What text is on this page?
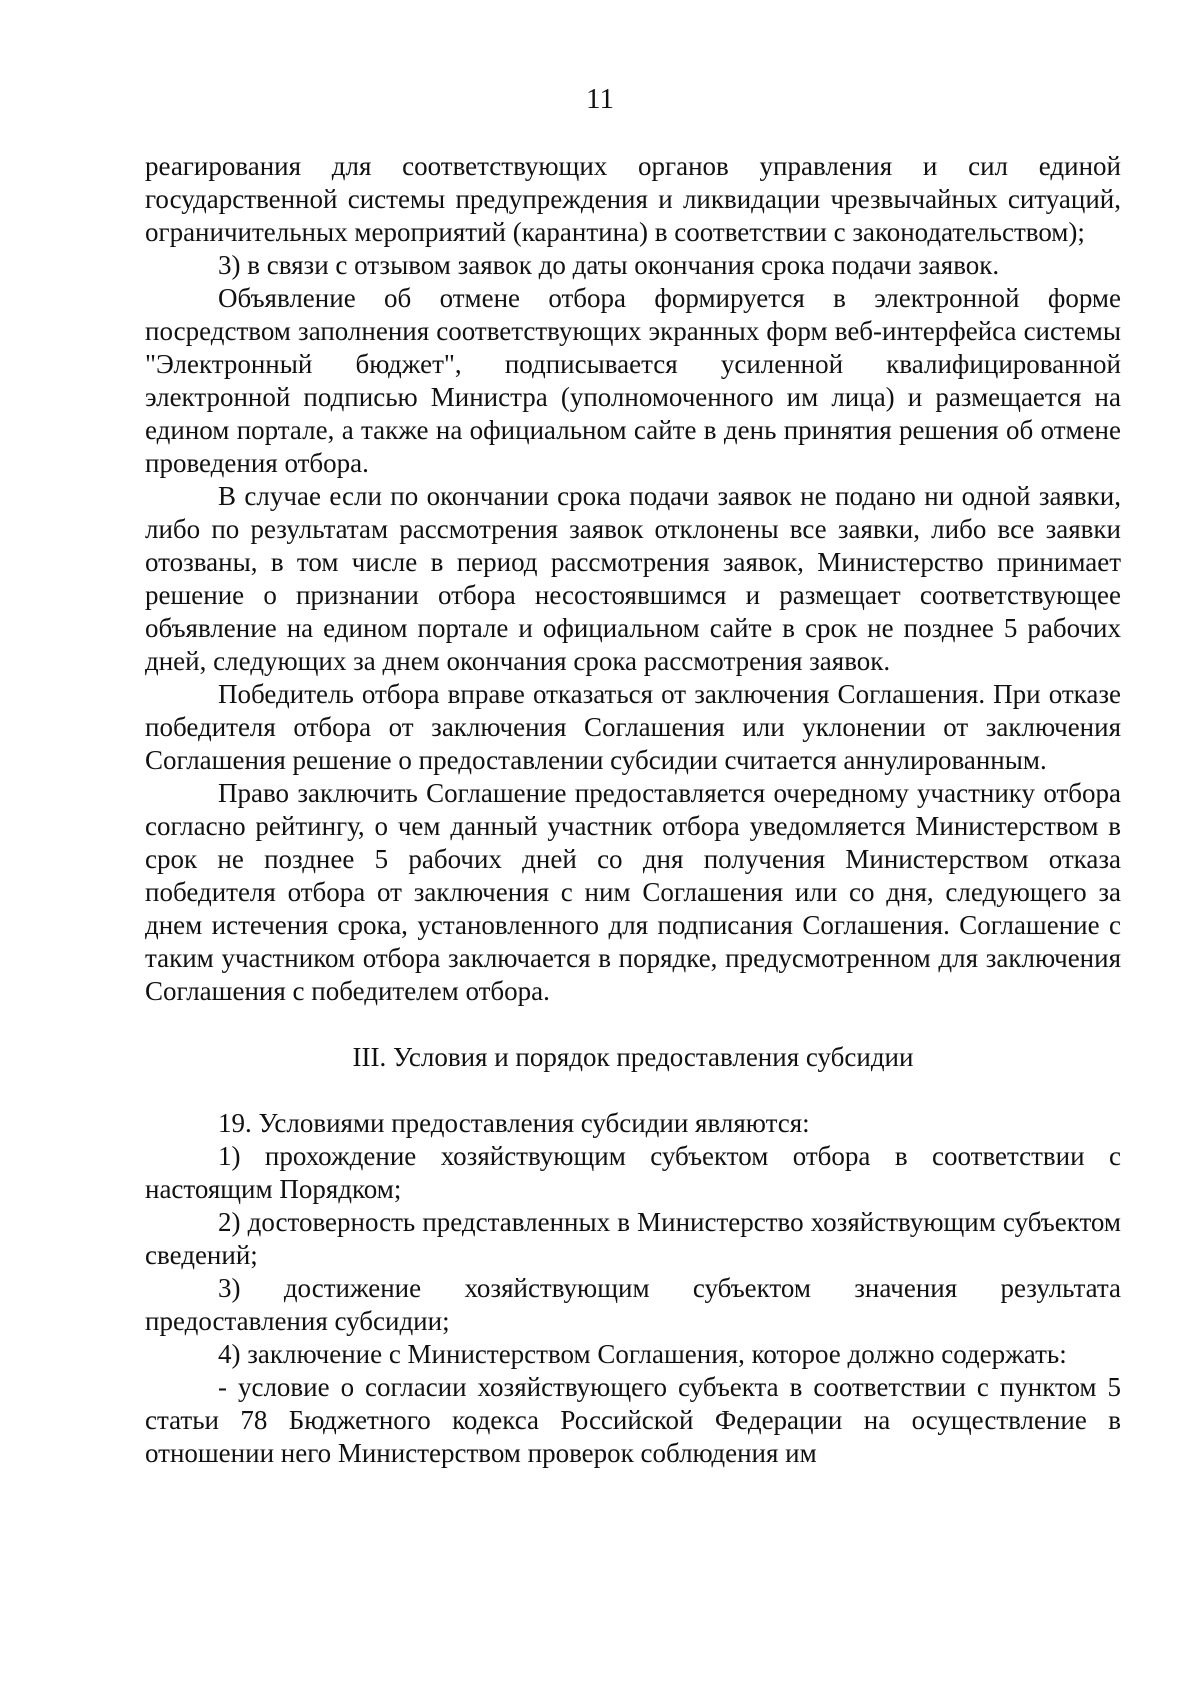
11

реагирования для соответствующих органов управления и сил единой государственной системы предупреждения и ликвидации чрезвычайных ситуаций, ограничительных мероприятий (карантина) в соответствии с законодательством);

3) в связи с отзывом заявок до даты окончания срока подачи заявок.

Объявление об отмене отбора формируется в электронной форме посредством заполнения соответствующих экранных форм веб-интерфейса системы "Электронный бюджет", подписывается усиленной квалифицированной электронной подписью Министра (уполномоченного им лица) и размещается на едином портале, а также на официальном сайте в день принятия решения об отмене проведения отбора.

В случае если по окончании срока подачи заявок не подано ни одной заявки, либо по результатам рассмотрения заявок отклонены все заявки, либо все заявки отозваны, в том числе в период рассмотрения заявок, Министерство принимает решение о признании отбора несостоявшимся и размещает соответствующее объявление на едином портале и официальном сайте в срок не позднее 5 рабочих дней, следующих за днем окончания срока рассмотрения заявок.

Победитель отбора вправе отказаться от заключения Соглашения. При отказе победителя отбора от заключения Соглашения или уклонении от заключения Соглашения решение о предоставлении субсидии считается аннулированным.

Право заключить Соглашение предоставляется очередному участнику отбора согласно рейтингу, о чем данный участник отбора уведомляется Министерством в срок не позднее 5 рабочих дней со дня получения Министерством отказа победителя отбора от заключения с ним Соглашения или со дня, следующего за днем истечения срока, установленного для подписания Соглашения. Соглашение с таким участником отбора заключается в порядке, предусмотренном для заключения Соглашения с победителем отбора.

III. Условия и порядок предоставления субсидии

19. Условиями предоставления субсидии являются:

1) прохождение хозяйствующим субъектом отбора в соответствии с настоящим Порядком;

2) достоверность представленных в Министерство хозяйствующим субъектом сведений;

3) достижение хозяйствующим субъектом значения результата предоставления субсидии;

4) заключение с Министерством Соглашения, которое должно содержать:

- условие о согласии хозяйствующего субъекта в соответствии с пунктом 5 статьи 78 Бюджетного кодекса Российской Федерации на осуществление в отношении него Министерством проверок соблюдения им
